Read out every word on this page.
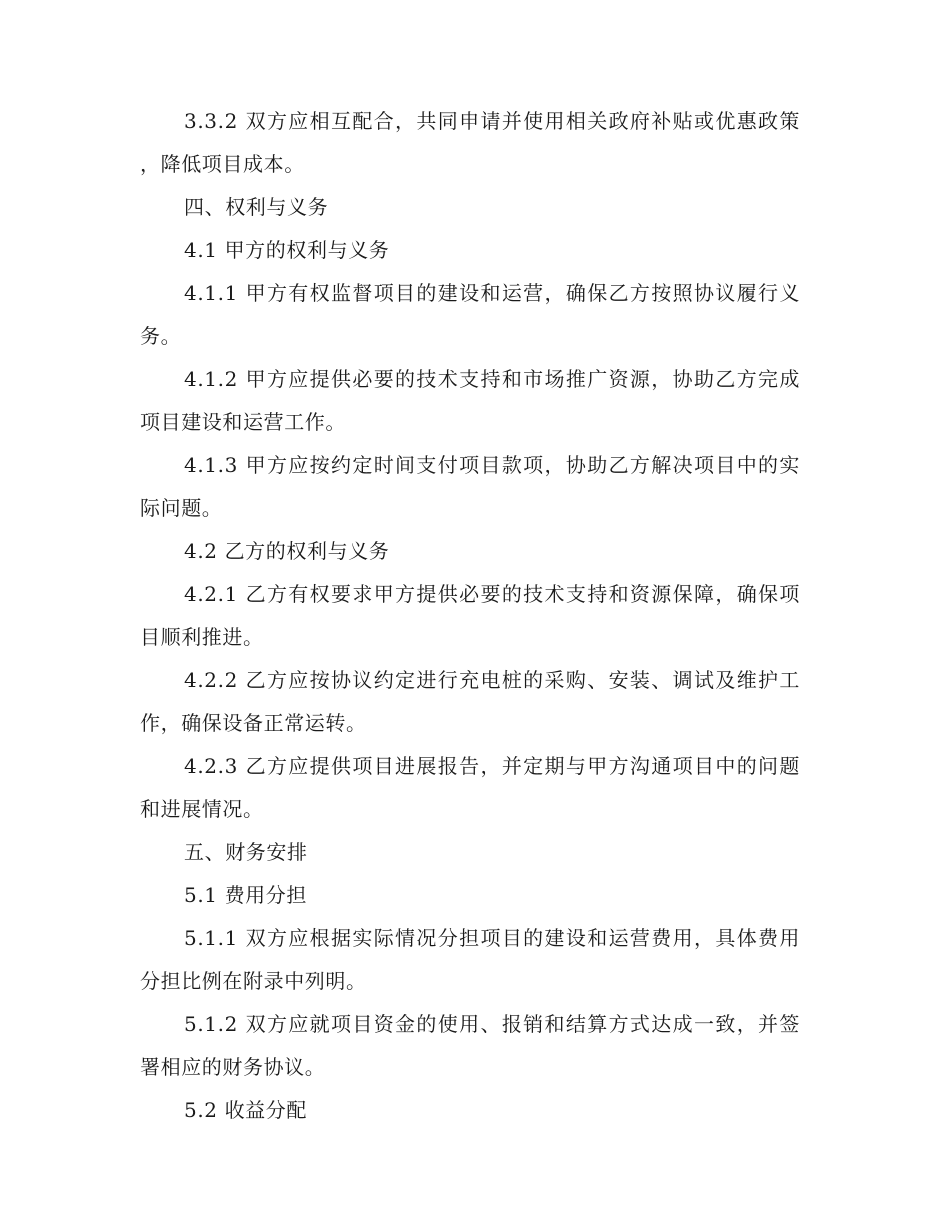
3.3.2 双方应相互配合，共同申请并使用相关政府补贴或优惠政策，降低项目成本。

四、权利与义务

4.1 甲方的权利与义务

4.1.1 甲方有权监督项目的建设和运营，确保乙方按照协议履行义务。

4.1.2 甲方应提供必要的技术支持和市场推广资源，协助乙方完成项目建设和运营工作。

4.1.3 甲方应按约定时间支付项目款项，协助乙方解决项目中的实际问题。

4.2 乙方的权利与义务

4.2.1 乙方有权要求甲方提供必要的技术支持和资源保障，确保项目顺利推进。

4.2.2 乙方应按协议约定进行充电桩的采购、安装、调试及维护工作，确保设备正常运转。

4.2.3 乙方应提供项目进展报告，并定期与甲方沟通项目中的问题和进展情况。

五、财务安排

5.1 费用分担

5.1.1 双方应根据实际情况分担项目的建设和运营费用，具体费用分担比例在附录中列明。

5.1.2 双方应就项目资金的使用、报销和结算方式达成一致，并签署相应的财务协议。

5.2 收益分配
